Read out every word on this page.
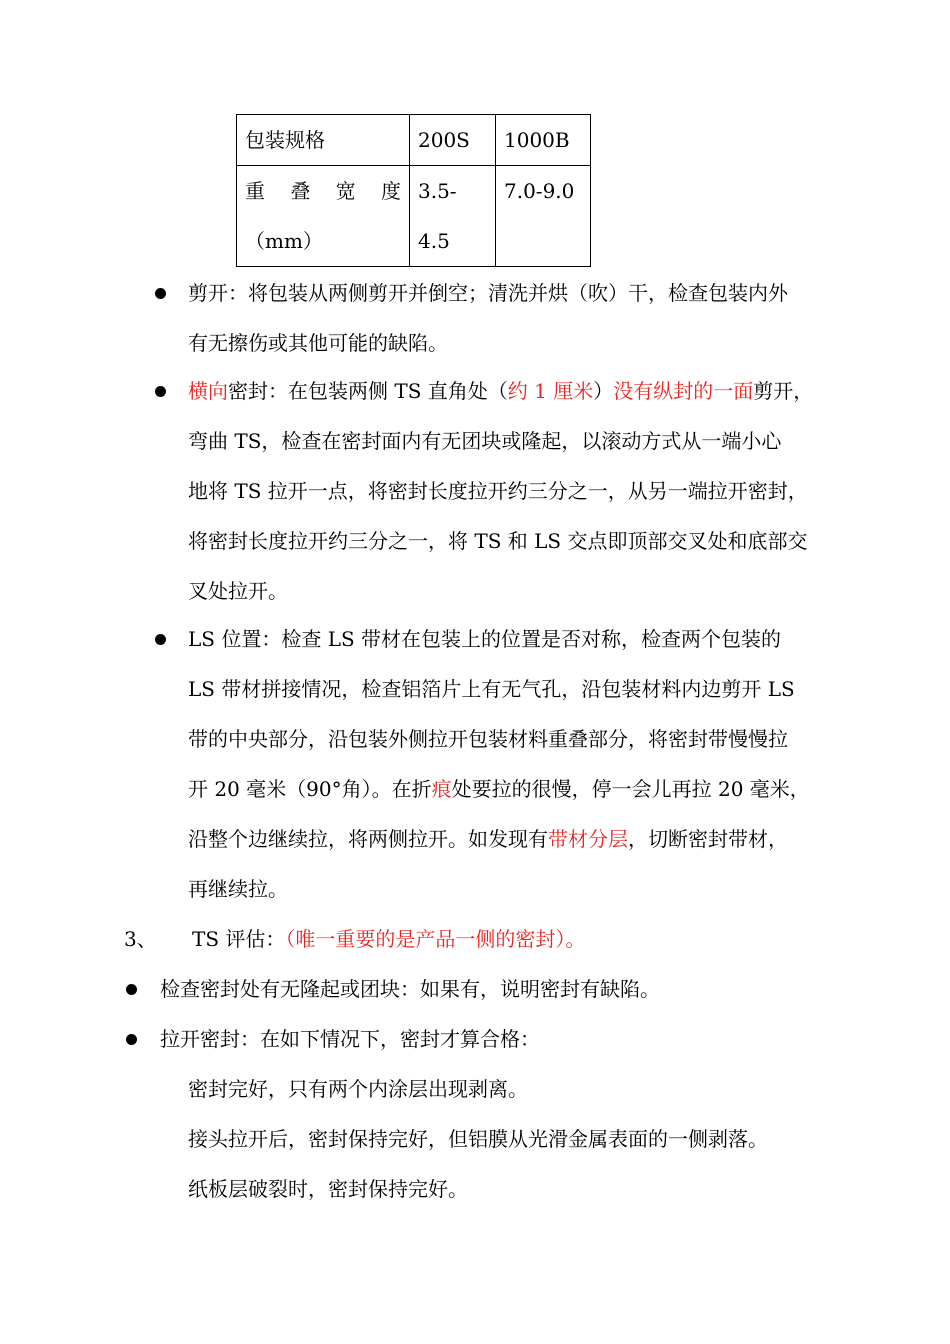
包装规格	200S	1000B

重 叠 宽 度
（mm）	3.5-4.5	7.0-9.0
剪开：将包装从两侧剪开并倒空；清洗并烘（吹）干，检查包装内外
有无擦伤或其他可能的缺陷。
横向密封：在包装两侧 TS 直角处（约 1 厘米）没有纵封的一面剪开，
弯曲 TS，检查在密封面内有无团块或隆起，以滚动方式从一端小心
地将 TS 拉开一点，将密封长度拉开约三分之一，从另一端拉开密封，
将密封长度拉开约三分之一，将 TS 和 LS 交点即顶部交叉处和底部交
叉处拉开。
LS 位置：检查 LS 带材在包装上的位置是否对称，检查两个包装的
LS 带材拼接情况，检查铝箔片上有无气孔，沿包装材料内边剪开 LS
带的中央部分，沿包装外侧拉开包装材料重叠部分，将密封带慢慢拉
开 20 毫米（90°角）。在折痕处要拉的很慢，停一会儿再拉 20 毫米，
沿整个边继续拉，将两侧拉开。如发现有带材分层，切断密封带材，
再继续拉。
3、 TS 评估：（唯一重要的是产品一侧的密封）。
检查密封处有无隆起或团块：如果有，说明密封有缺陷。
拉开密封：在如下情况下，密封才算合格：
密封完好，只有两个内涂层出现剥离。
接头拉开后，密封保持完好，但铝膜从光滑金属表面的一侧剥落。
纸板层破裂时，密封保持完好。
